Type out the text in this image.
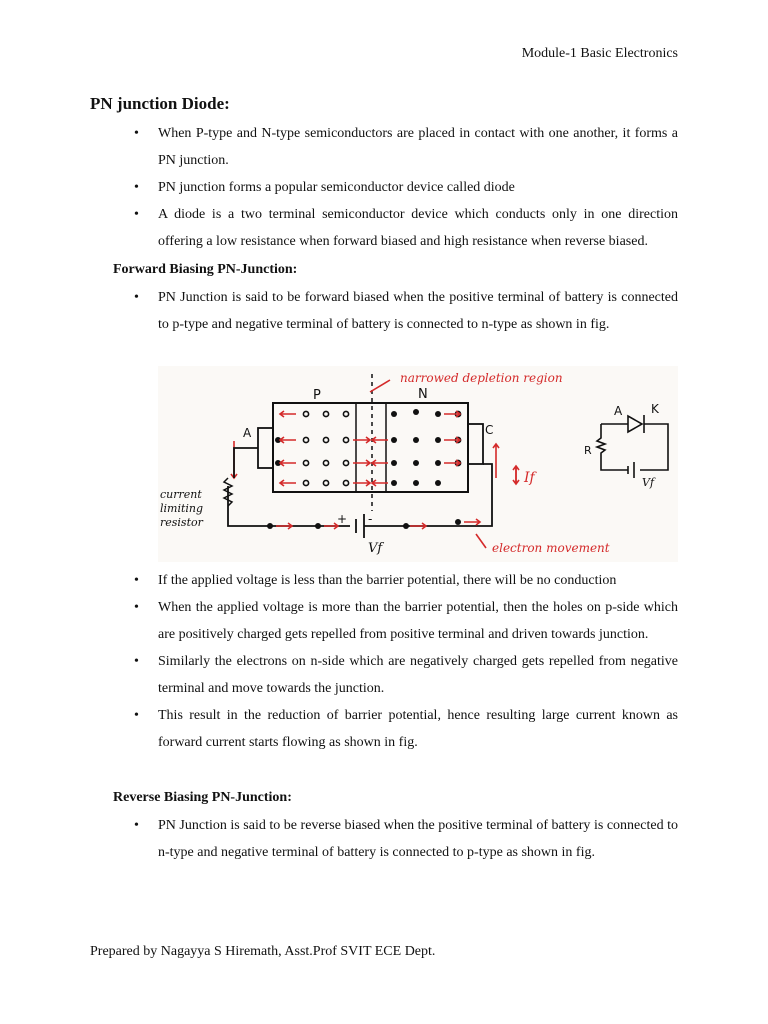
Module-1 Basic Electronics
PN junction Diode:
• When P-type and N-type semiconductors are placed in contact with one another, it forms a PN junction.
• PN junction forms a popular semiconductor device called diode
• A diode is a two terminal semiconductor device which conducts only in one direction offering a low resistance when forward biased and high resistance when reverse biased.
Forward Biasing PN-Junction:
• PN Junction is said to be forward biased when the positive terminal of battery is connected to p-type and negative terminal of battery is connected to n-type as shown in fig.
P	N
A	C
+ -
Vf
narrowed depletion region
electron movement
If
current limiting resistor
current limiting resistor
A K
R
Vf
• If the applied voltage is less than the barrier potential, there will be no conduction
• When the applied voltage is more than the barrier potential, then the holes on p-side which are positively charged gets repelled from positive terminal and driven towards junction.
• Similarly the electrons on n-side which are negatively charged gets repelled from negative terminal and move towards the junction.
• This result in the reduction of barrier potential, hence resulting large current known as forward current starts flowing as shown in fig.
Reverse Biasing PN-Junction:
• PN Junction is said to be reverse biased when the positive terminal of battery is connected to n-type and negative terminal of battery is connected to p-type as shown in fig.
Prepared by Nagayya S Hiremath, Asst.Prof SVIT ECE Dept.
